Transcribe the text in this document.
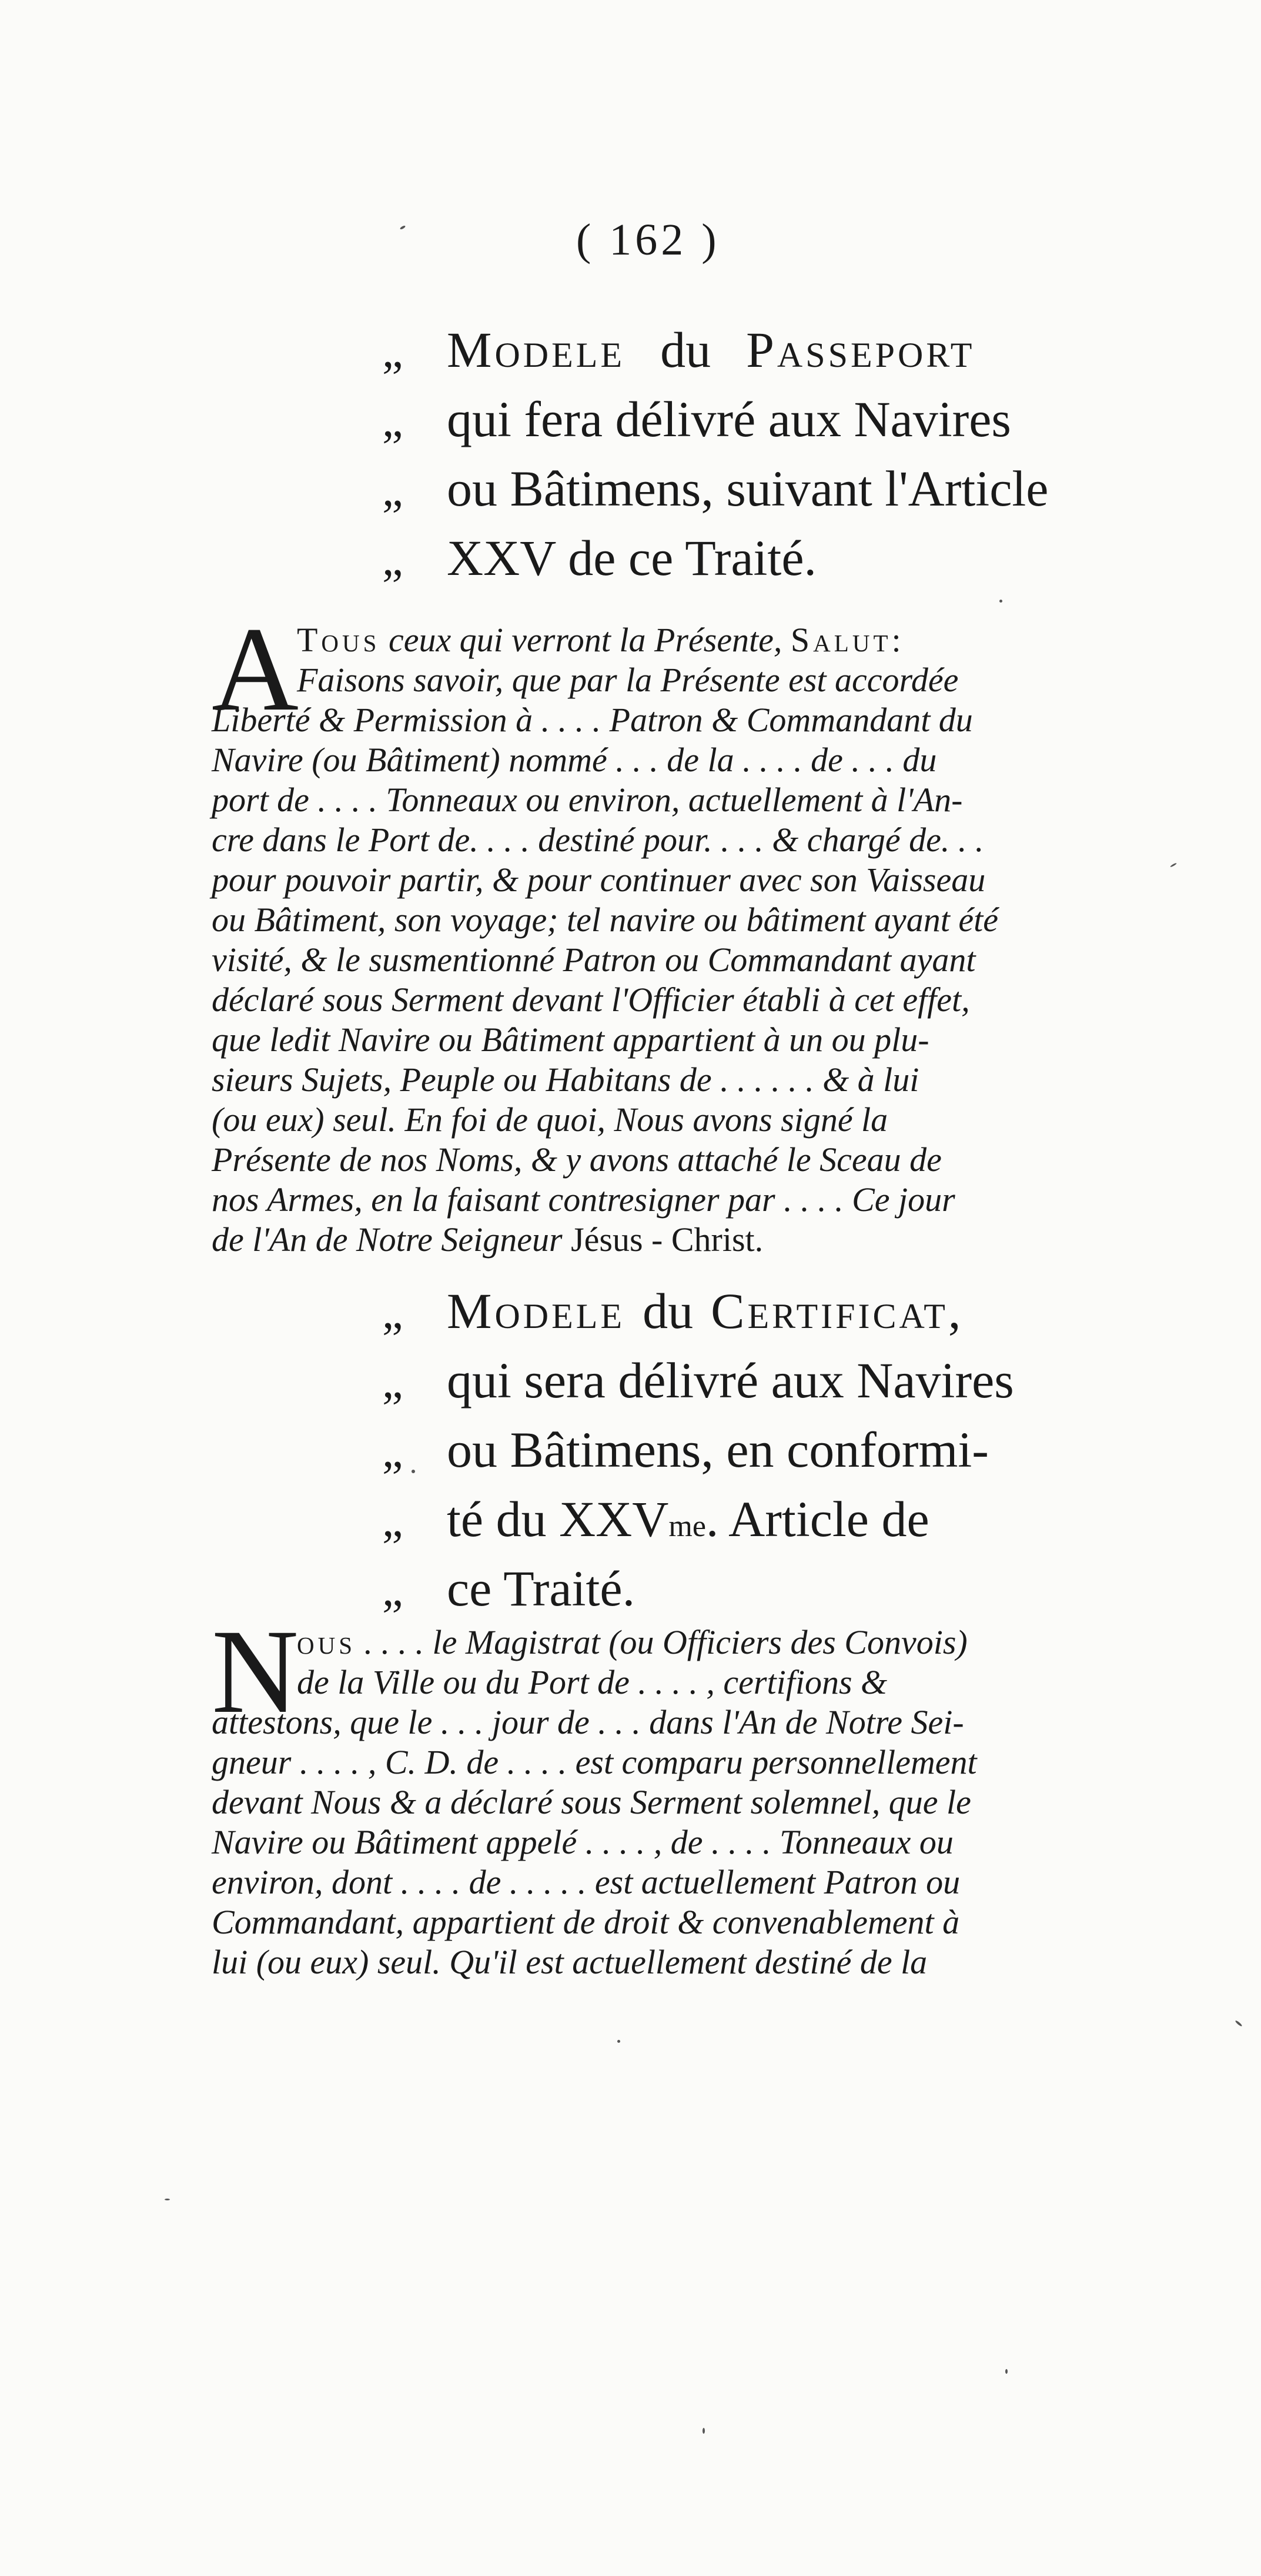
( 162 )
„ Modele du Passeport
„ qui fera délivré aux Navires
„ ou Bâtimens, suivant l'Article
„ XXV de ce Traité.
A
Tous ceux qui verront la Présente, Salut:
Faisons savoir, que par la Présente est accordée
Liberté & Permission à . . . . Patron & Commandant du
Navire (ou Bâtiment) nommé . . . de la . . . . de . . . du
port de . . . . Tonneaux ou environ, actuellement à l'An-
cre dans le Port de. . . . destiné pour. . . . & chargé de. . .
pour pouvoir partir, & pour continuer avec son Vaisseau
ou Bâtiment, son voyage; tel navire ou bâtiment ayant été
visité, & le susmentionné Patron ou Commandant ayant
déclaré sous Serment devant l'Officier établi à cet effet,
que ledit Navire ou Bâtiment appartient à un ou plu-
sieurs Sujets, Peuple ou Habitans de . . . . . . & à lui
(ou eux) seul. En foi de quoi, Nous avons signé la
Présente de nos Noms, & y avons attaché le Sceau de
nos Armes, en la faisant contresigner par . . . . Ce jour
de l'An de Notre Seigneur Jésus - Christ.
„ Modele du Certificat ,
„ qui sera délivré aux Navires
„ ou Bâtimens, en conformi-
„ té du XXV me . Article de
„ ce Traité.
N
ous . . . . le Magistrat (ou Officiers des Convois)
de la Ville ou du Port de . . . . , certifions &
attestons, que le . . . jour de . . . dans l'An de Notre Sei-
gneur . . . . , C. D. de . . . . est comparu personnellement
devant Nous & a déclaré sous Serment solemnel, que le
Navire ou Bâtiment appelé . . . . , de . . . . Tonneaux ou
environ, dont . . . . de . . . . . est actuellement Patron ou
Commandant, appartient de droit & convenablement à
lui (ou eux) seul. Qu'il est actuellement destiné de la
